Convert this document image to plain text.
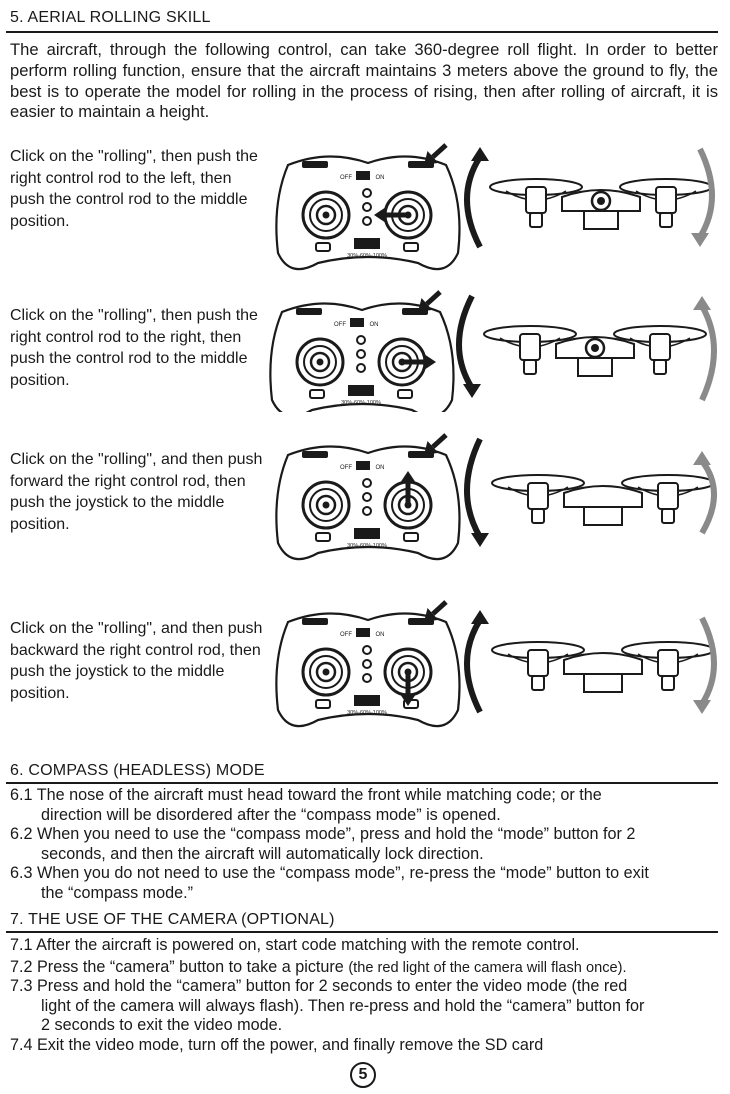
5. AERIAL ROLLING SKILL
The aircraft, through the following control, can take 360-degree roll flight. In order to better perform rolling function, ensure that the aircraft maintains 3 meters above the ground to fly, the best is to operate the model for rolling in the process of rising, then after rolling of aircraft, it is easier to maintain a height.
Click on the "rolling", then push the right control rod to the left, then push the control rod to the middle position.
Click on the "rolling", then push the right control rod to the right, then push the control rod to the middle position.
Click on the "rolling", and then push forward the right control rod, then push the joystick to the middle position.
Click on the "rolling", and then push backward the right control rod, then push the joystick to the middle position.
OFF	ON
30%-60%-100%
OFF	ON
30%-60%-100%
OFF	ON
30%-60%-100%
OFF	ON
30%-60%-100%
6. COMPASS (HEADLESS) MODE
6.1 The nose of the aircraft must head toward the front while matching code; or the
direction will be disordered after the “compass mode” is opened.
6.2 When you need to use the “compass mode”, press and hold the “mode” button for 2
seconds, and then the aircraft will automatically lock direction.
6.3 When you do not need to use the “compass mode”, re-press the “mode” button to exit
the “compass mode.”
7. THE USE OF THE CAMERA (OPTIONAL)
7.1 After the aircraft is powered on, start code matching with the remote control.
7.2 Press the “camera” button to take a picture (the red light of the camera will flash once).
7.3 Press and hold the “camera” button for 2 seconds to enter the video mode (the red
light of the camera will always flash). Then re-press and hold the “camera” button for
2 seconds to exit the video mode.
7.4 Exit the video mode, turn off the power, and finally remove the SD card
5
